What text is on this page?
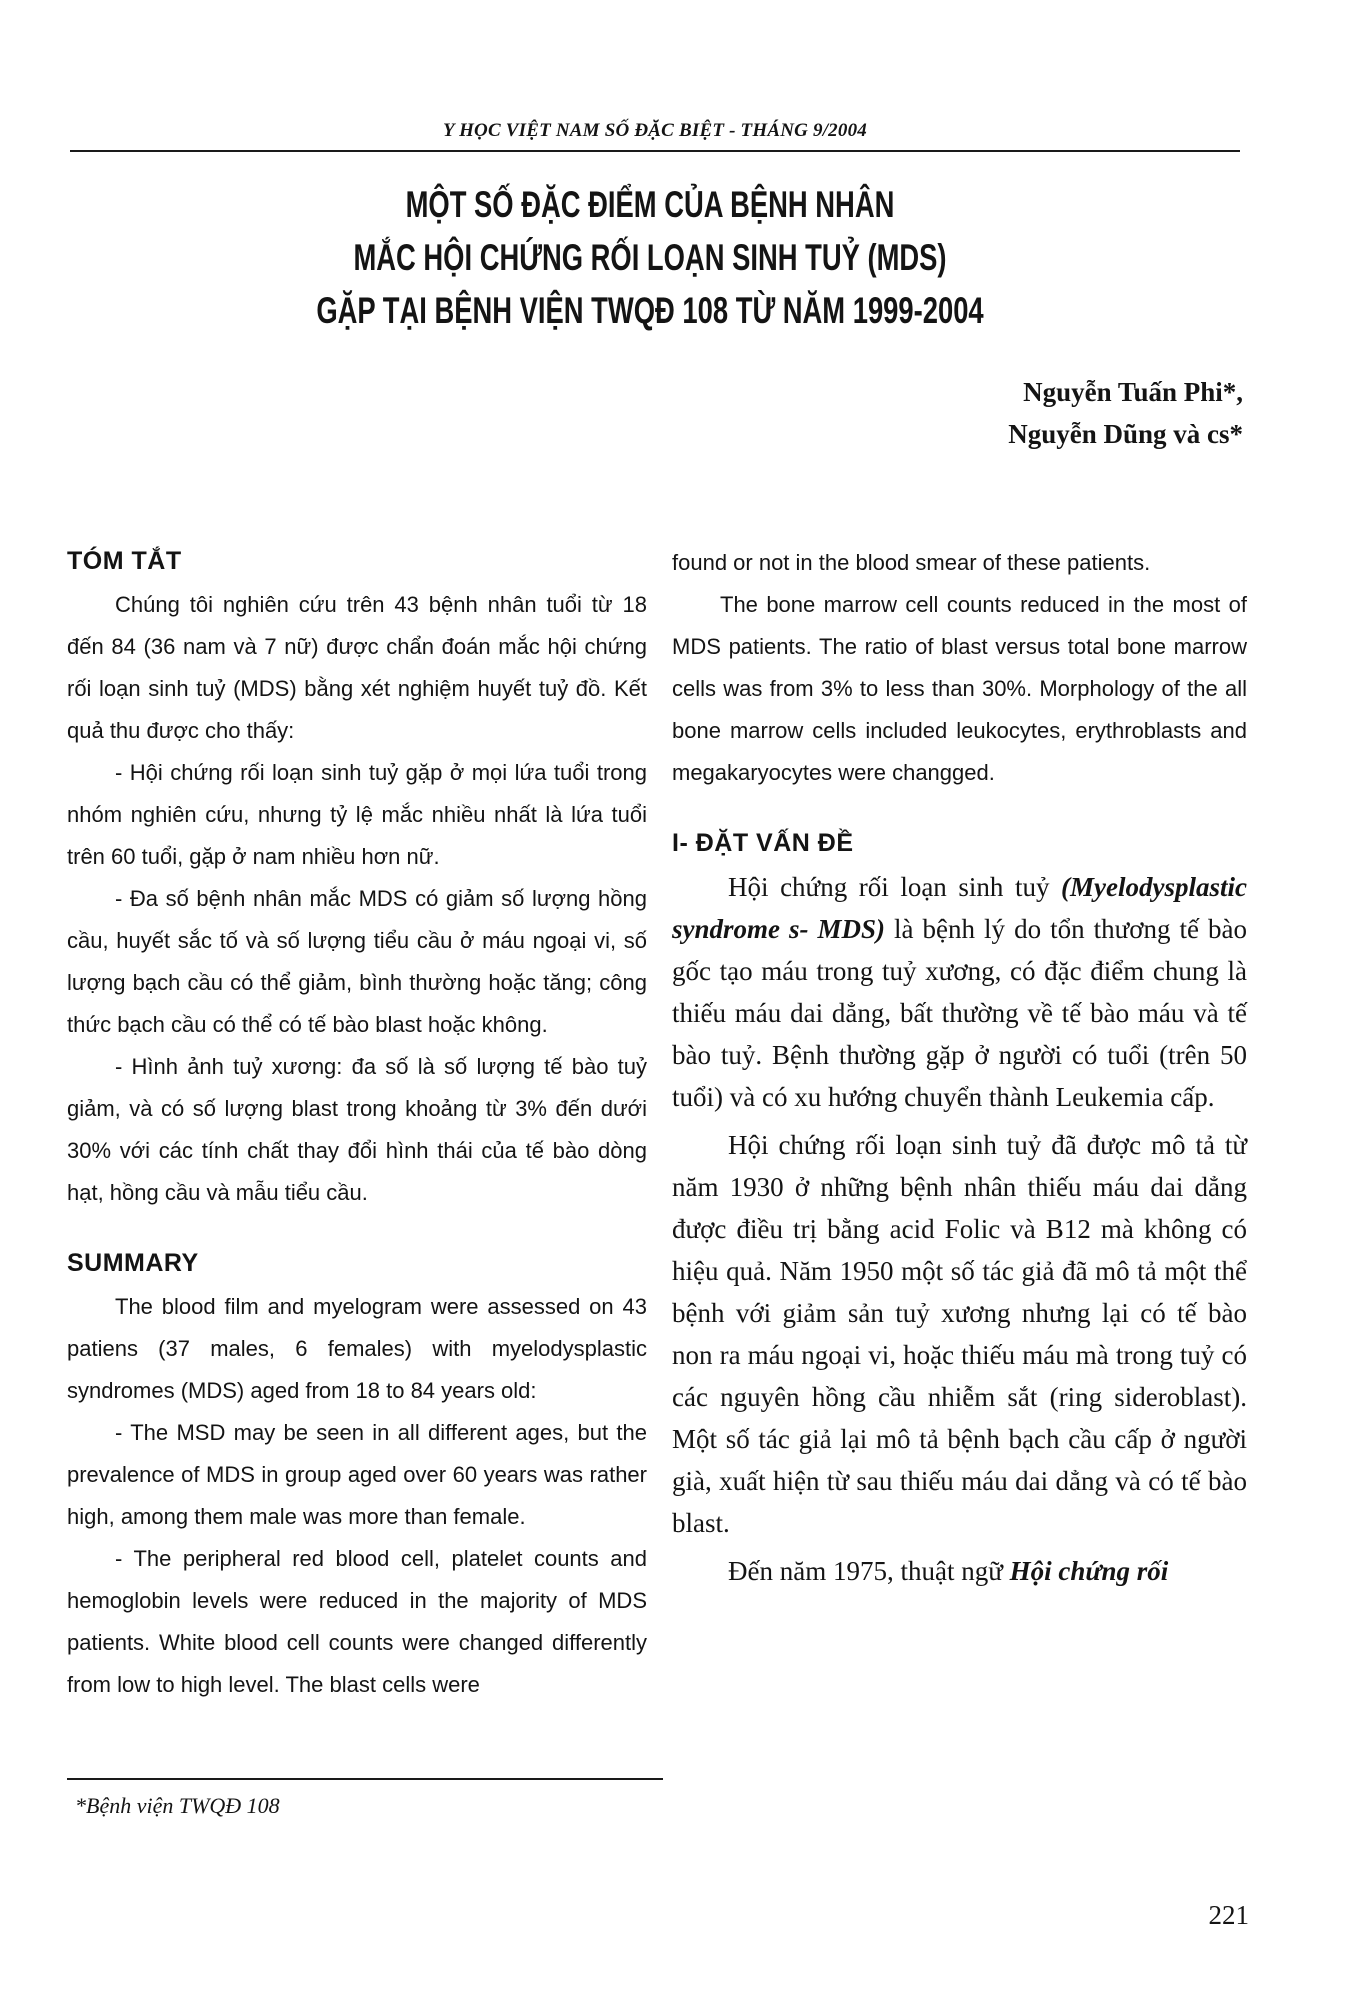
Y HỌC VIỆT NAM SỐ ĐẶC BIỆT - THÁNG 9/2004
MỘT SỐ ĐẶC ĐIỂM CỦA BỆNH NHÂN
MẮC HỘI CHỨNG RỐI LOẠN SINH TUỶ (MDS)
GẶP TẠI BỆNH VIỆN TWQĐ 108 TỪ NĂM 1999-2004
Nguyễn Tuấn Phi*,
Nguyễn Dũng và cs*
TÓM TẮT

Chúng tôi nghiên cứu trên 43 bệnh nhân tuổi từ 18 đến 84 (36 nam và 7 nữ) được chẩn đoán mắc hội chứng rối loạn sinh tuỷ (MDS) bằng xét nghiệm huyết tuỷ đồ. Kết quả thu được cho thấy:

- Hội chứng rối loạn sinh tuỷ gặp ở mọi lứa tuổi trong nhóm nghiên cứu, nhưng tỷ lệ mắc nhiều nhất là lứa tuổi trên 60 tuổi, gặp ở nam nhiều hơn nữ.

- Đa số bệnh nhân mắc MDS có giảm số lượng hồng cầu, huyết sắc tố và số lượng tiểu cầu ở máu ngoại vi, số lượng bạch cầu có thể giảm, bình thường hoặc tăng; công thức bạch cầu có thể có tế bào blast hoặc không.

- Hình ảnh tuỷ xương: đa số là số lượng tế bào tuỷ giảm, và có số lượng blast trong khoảng từ 3% đến dưới 30% với các tính chất thay đổi hình thái của tế bào dòng hạt, hồng cầu và mẫu tiểu cầu.

SUMMARY

The blood film and myelogram were assessed on 43 patiens (37 males, 6 females) with myelodysplastic syndromes (MDS) aged from 18 to 84 years old:

- The MSD may be seen in all different ages, but the prevalence of MDS in group aged over 60 years was rather high, among them male was more than female.

- The peripheral red blood cell, platelet counts and hemoglobin levels were reduced in the majority of MDS patients. White blood cell counts were changed differently from low to high level. The blast cells were

found or not in the blood smear of these patients.

The bone marrow cell counts reduced in the most of MDS patients. The ratio of blast versus total bone marrow cells was from 3% to less than 30%. Morphology of the all bone marrow cells included leukocytes, erythroblasts and megakaryocytes were changged.

I- ĐẶT VẤN ĐỀ

Hội chứng rối loạn sinh tuỷ (Myelodysplastic syndrome s- MDS) là bệnh lý do tổn thương tế bào gốc tạo máu trong tuỷ xương, có đặc điểm chung là thiếu máu dai dẳng, bất thường về tế bào máu và tế bào tuỷ. Bệnh thường gặp ở người có tuổi (trên 50 tuổi) và có xu hướng chuyển thành Leukemia cấp.

Hội chứng rối loạn sinh tuỷ đã được mô tả từ năm 1930 ở những bệnh nhân thiếu máu dai dẳng được điều trị bằng acid Folic và B12 mà không có hiệu quả. Năm 1950 một số tác giả đã mô tả một thể bệnh với giảm sản tuỷ xương nhưng lại có tế bào non ra máu ngoại vi, hoặc thiếu máu mà trong tuỷ có các nguyên hồng cầu nhiễm sắt (ring sideroblast). Một số tác giả lại mô tả bệnh bạch cầu cấp ở người già, xuất hiện từ sau thiếu máu dai dẳng và có tế bào blast.

Đến năm 1975, thuật ngữ Hội chứng rối

*Bệnh viện TWQĐ 108
221
